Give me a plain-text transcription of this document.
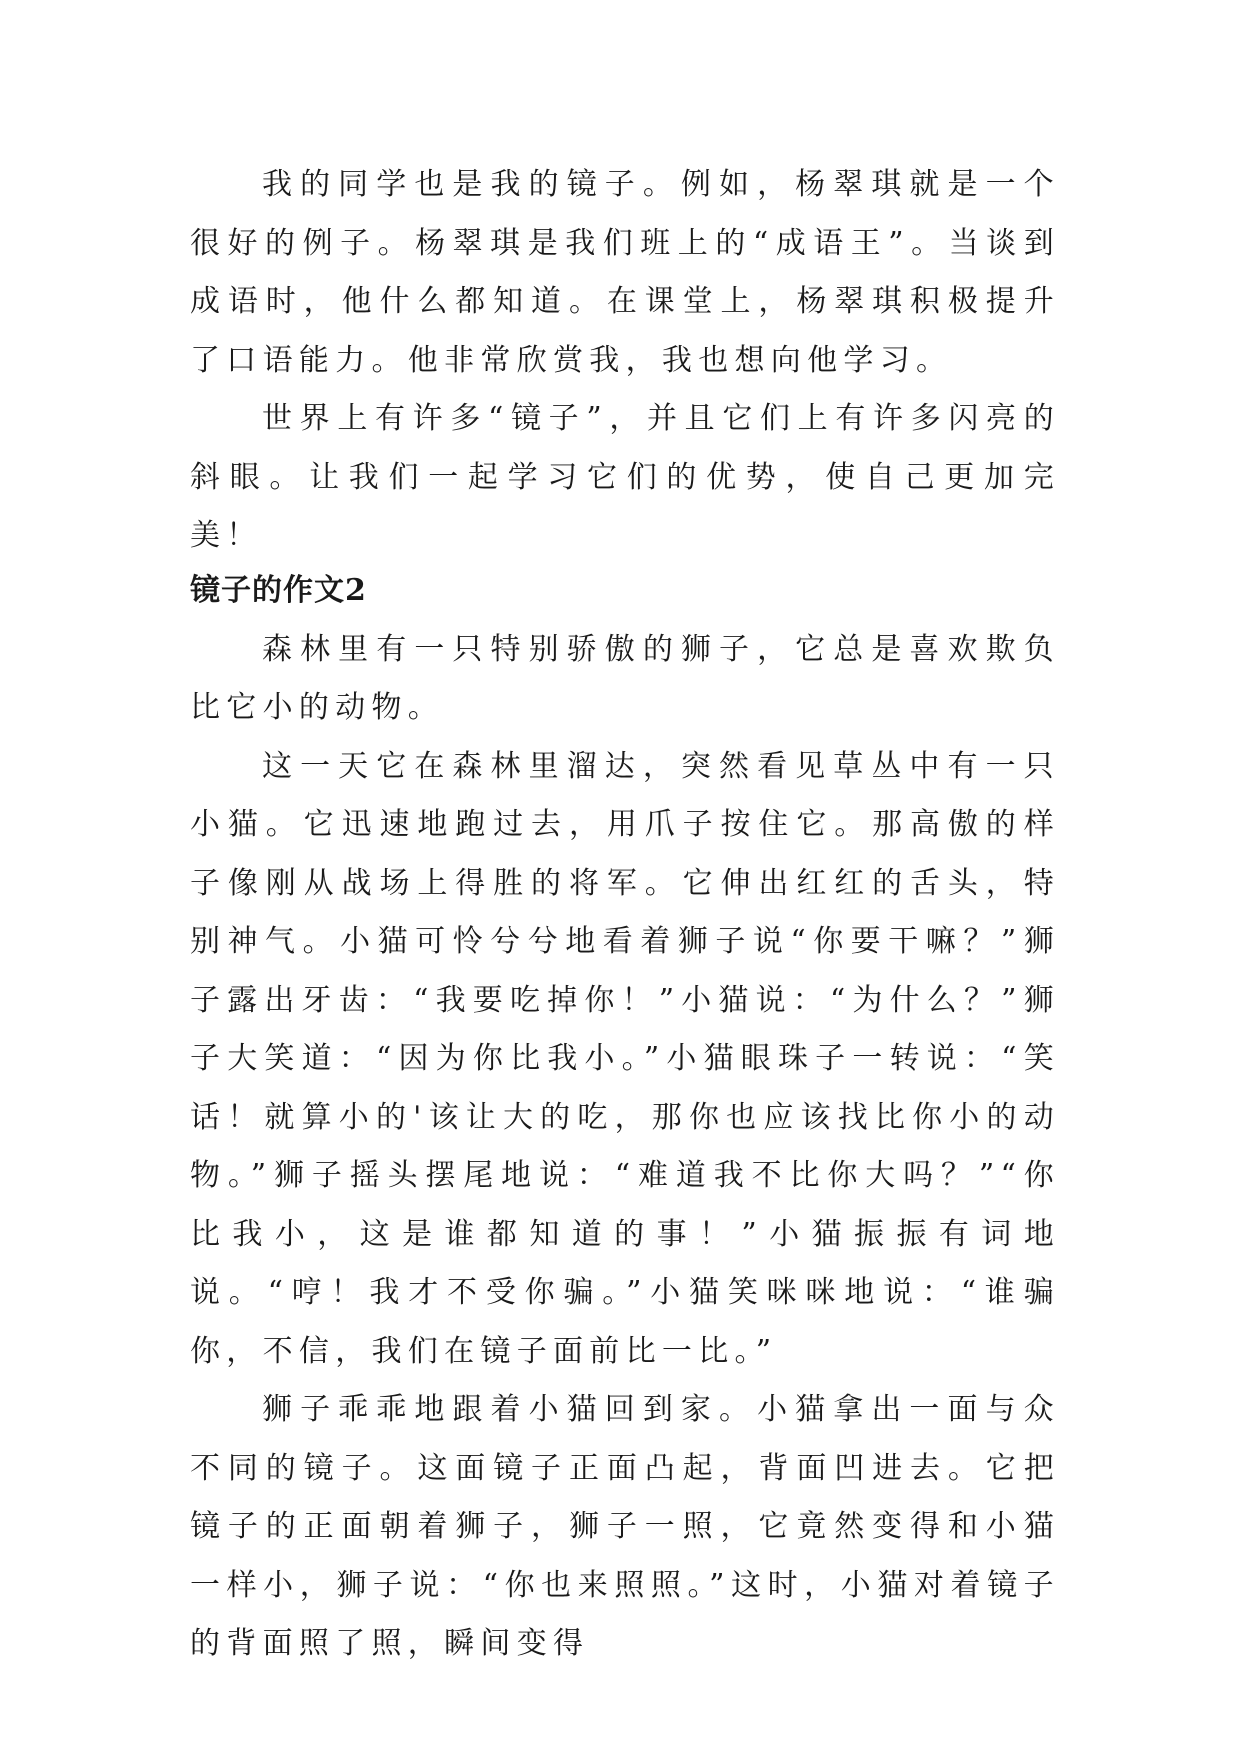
我的同学也是我的镜子。例如，杨翠琪就是一个很好的例子。杨翠琪是我们班上的“成语王”。当谈到成语时，他什么都知道。在课堂上，杨翠琪积极提升了口语能力。他非常欣赏我，我也想向他学习。

世界上有许多“镜子”，并且它们上有许多闪亮的斜眼。让我们一起学习它们的优势，使自己更加完美！

镜子的作文2

森林里有一只特别骄傲的狮子，它总是喜欢欺负比它小的动物。

这一天它在森林里溜达，突然看见草丛中有一只小猫。它迅速地跑过去，用爪子按住它。那高傲的样子像刚从战场上得胜的将军。它伸出红红的舌头，特别神气。小猫可怜兮兮地看着狮子说“你要干嘛？”狮子露出牙齿：“我要吃掉你！”小猫说：“为什么？”狮子大笑道：“因为你比我小。”小猫眼珠子一转说：“笑话！就算小的'该让大的吃，那你也应该找比你小的动物。”狮子摇头摆尾地说：“难道我不比你大吗？”“你比我小，这是谁都知道的事！”小猫振振有词地说。“哼！我才不受你骗。”小猫笑咪咪地说：“谁骗你，不信，我们在镜子面前比一比。”

狮子乖乖地跟着小猫回到家。小猫拿出一面与众不同的镜子。这面镜子正面凸起，背面凹进去。它把镜子的正面朝着狮子，狮子一照，它竟然变得和小猫一样小，狮子说：“你也来照照。”这时，小猫对着镜子的背面照了照，瞬间变得
